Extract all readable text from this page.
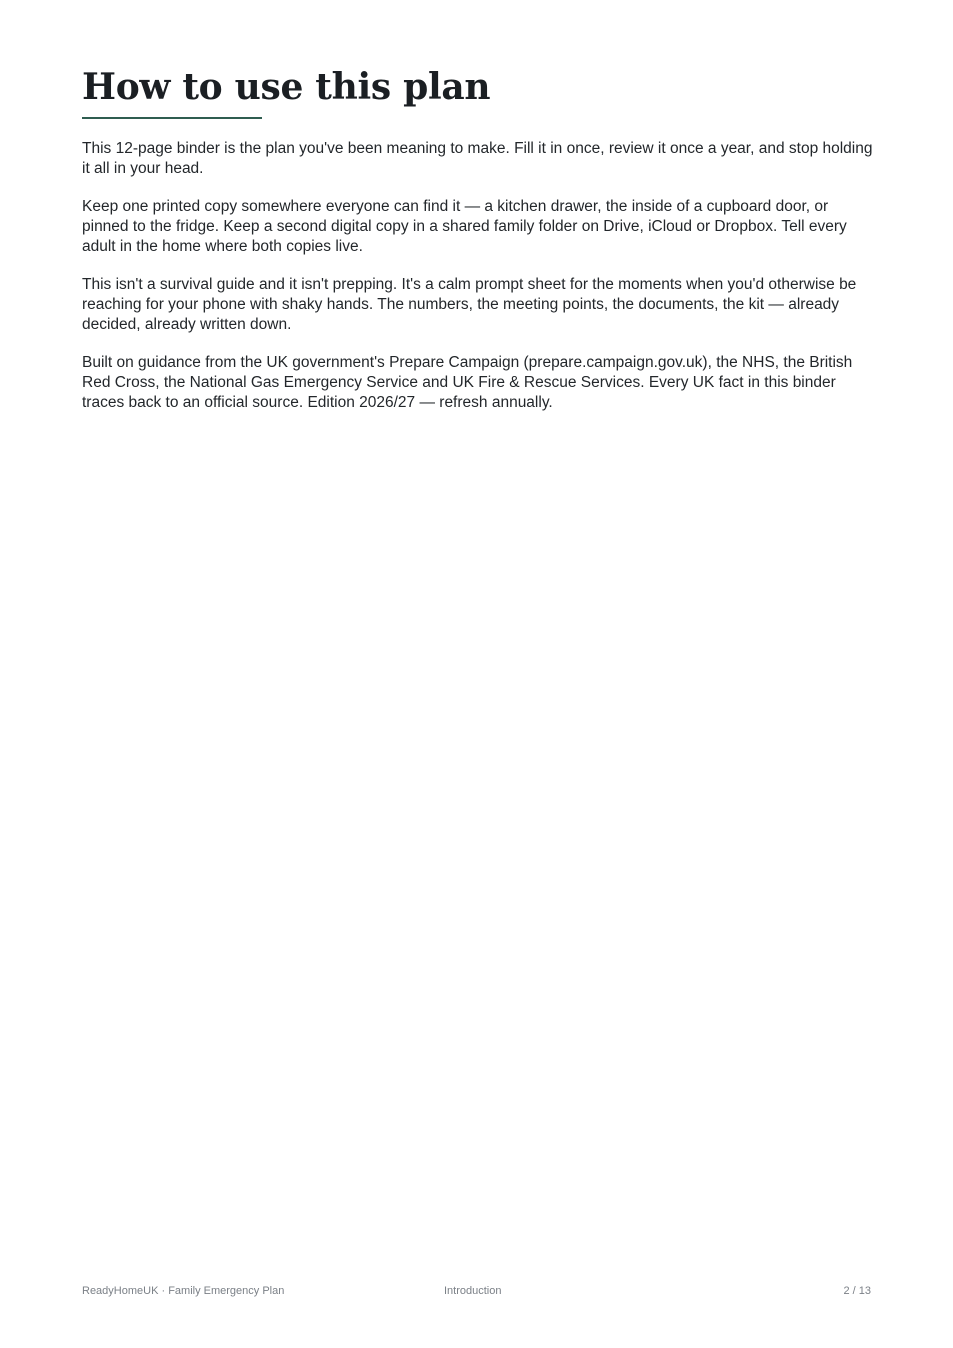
How to use this plan

This 12-page binder is the plan you've been meaning to make. Fill it in once, review it once a year, and stop holding it all in your head.

Keep one printed copy somewhere everyone can find it — a kitchen drawer, the inside of a cupboard door, or pinned to the fridge. Keep a second digital copy in a shared family folder on Drive, iCloud or Dropbox. Tell every adult in the home where both copies live.

This isn't a survival guide and it isn't prepping. It's a calm prompt sheet for the moments when you'd otherwise be reaching for your phone with shaky hands. The numbers, the meeting points, the documents, the kit — already decided, already written down.

Built on guidance from the UK government's Prepare Campaign (prepare.campaign.gov.uk), the NHS, the British Red Cross, the National Gas Emergency Service and UK Fire & Rescue Services. Every UK fact in this binder traces back to an official source. Edition 2026/27 — refresh annually.

ReadyHomeUK · Family Emergency Plan	Introduction	2 / 13
